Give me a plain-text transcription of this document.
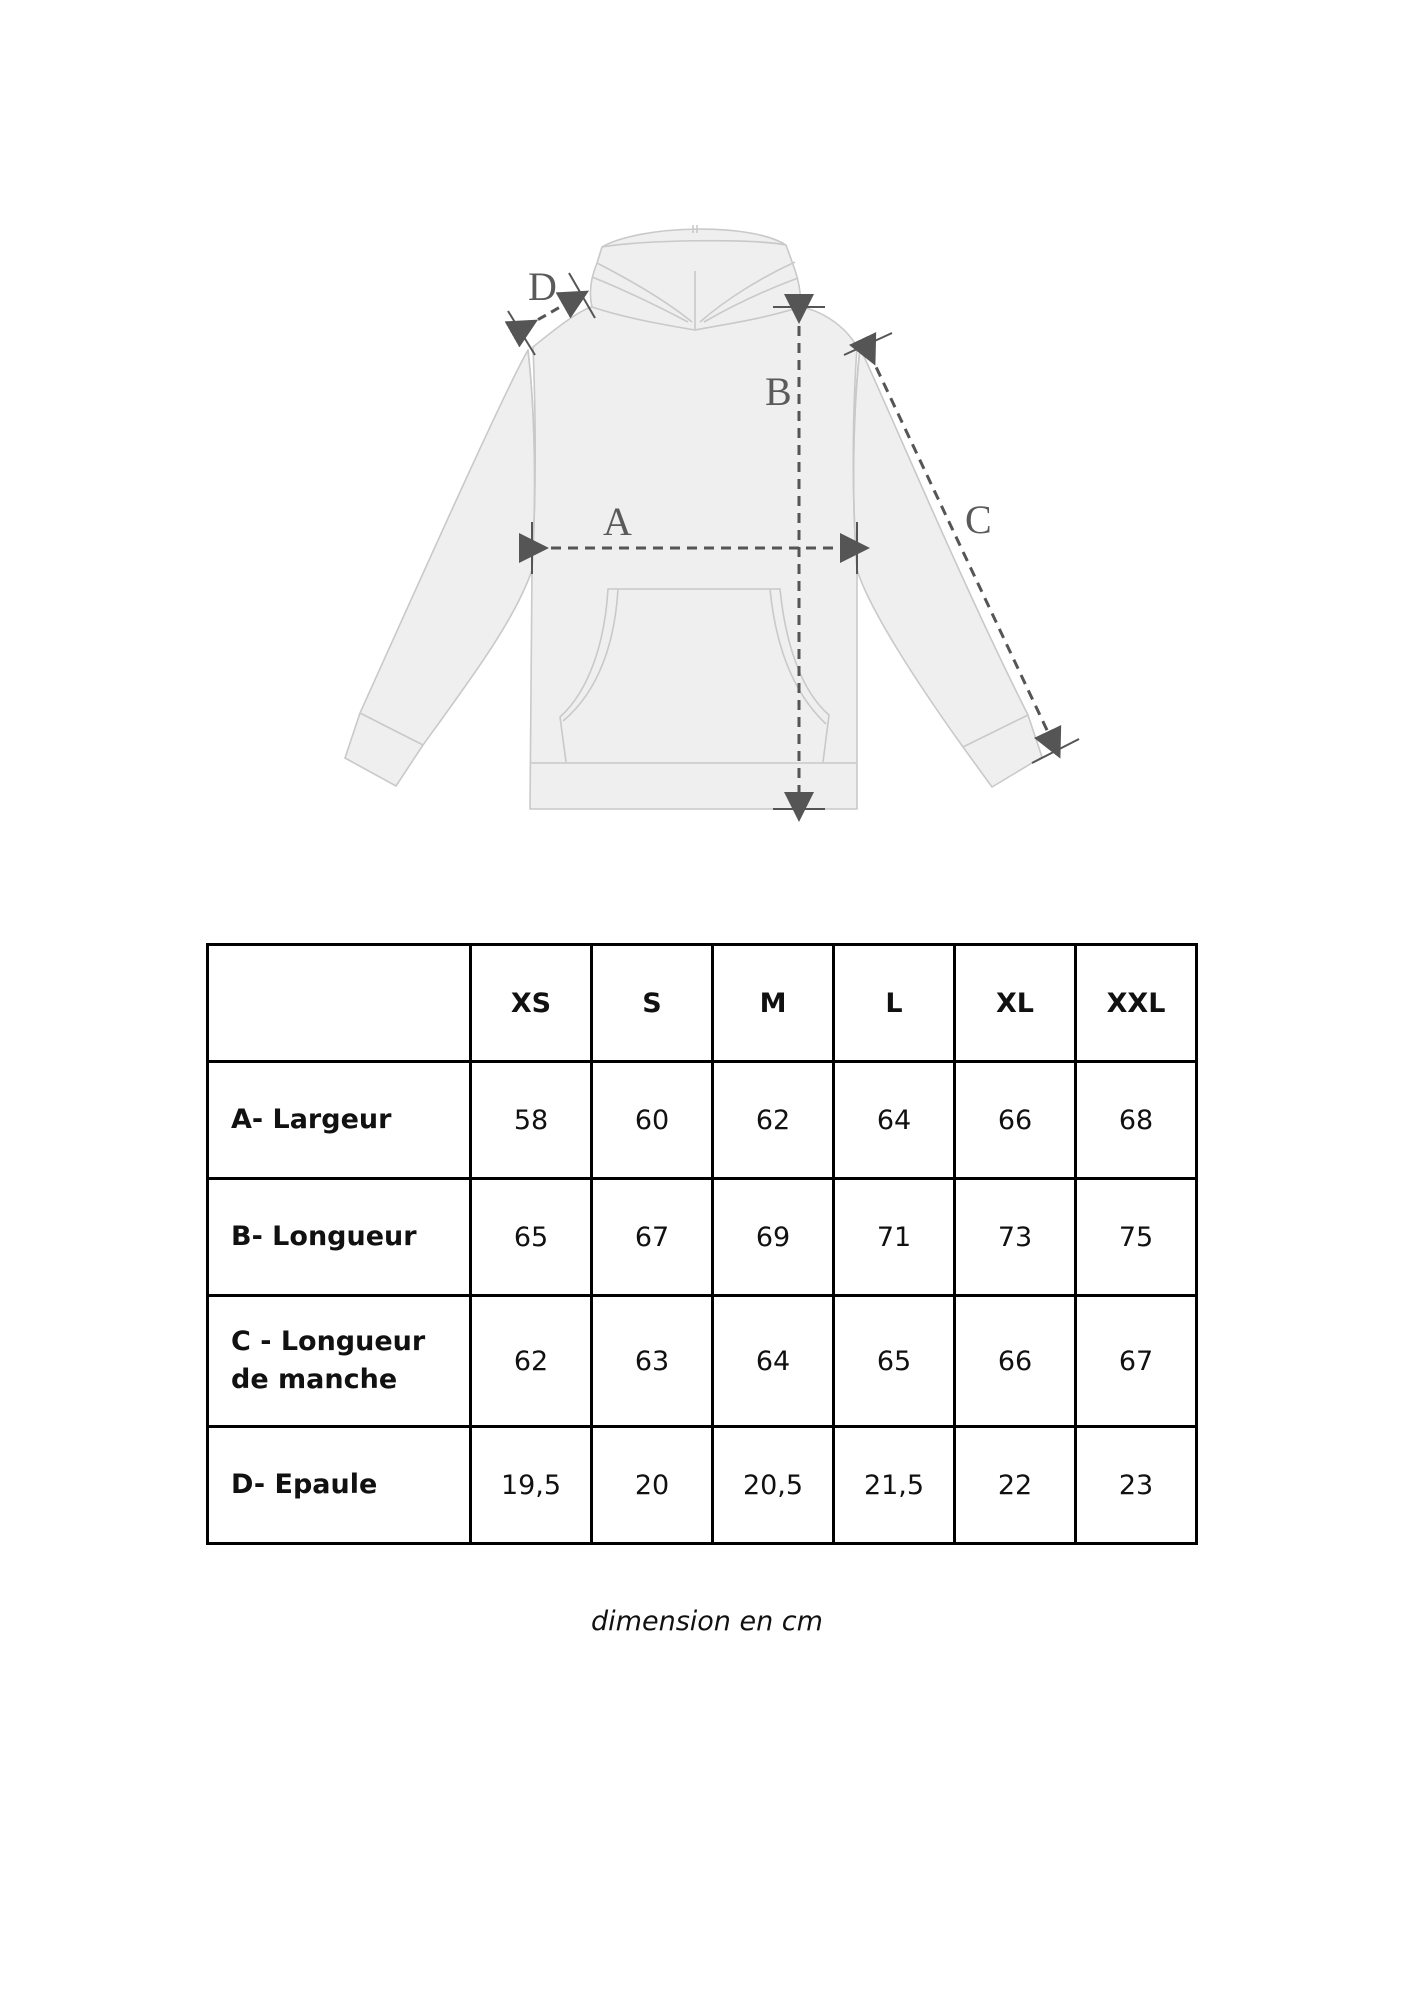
A
B
C
D
	XS	S	M	L	XL	XXL
A- Largeur	58	60	62	64	66	68
B- Longueur	65	67	69	71	73	75
C - Longueur
de manche	62	63	64	65	66	67
D- Epaule	19,5	20	20,5	21,5	22	23
dimension en cm
